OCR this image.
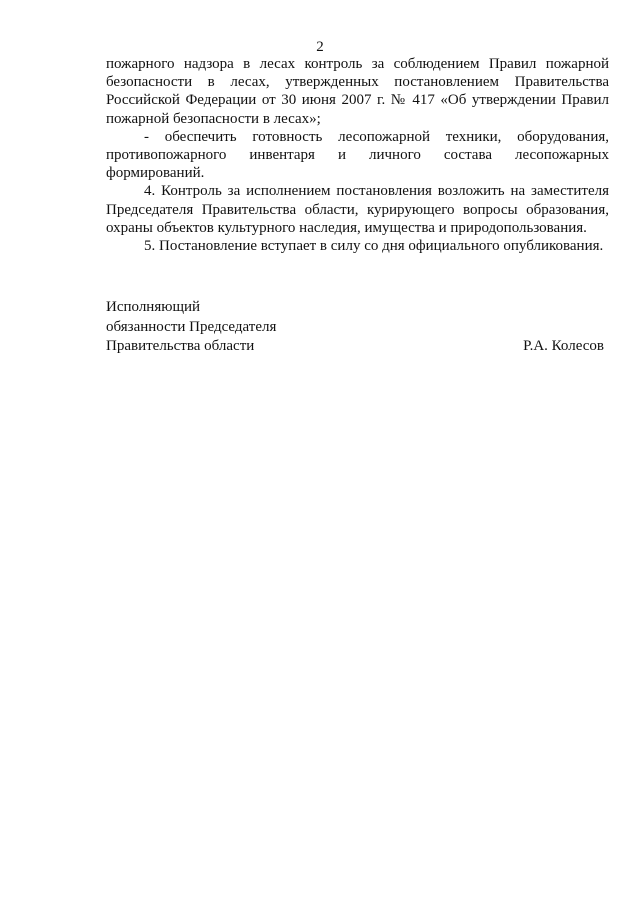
2

пожарного надзора в лесах контроль за соблюдением Правил пожарной безопасности в лесах, утвержденных постановлением Правительства Российской Федерации от 30 июня 2007 г. № 417 «Об утверждении Правил пожарной безопасности в лесах»;

- обеспечить готовность лесопожарной техники, оборудования, противопожарного инвентаря и личного состава лесопожарных формирований.

4. Контроль за исполнением постановления возложить на заместителя Председателя Правительства области, курирующего вопросы образования, охраны объектов культурного наследия, имущества и природопользования.

5. Постановление вступает в силу со дня официального опубликования.

Исполняющий
обязанности Председателя
Правительства области	Р.А. Колесов
